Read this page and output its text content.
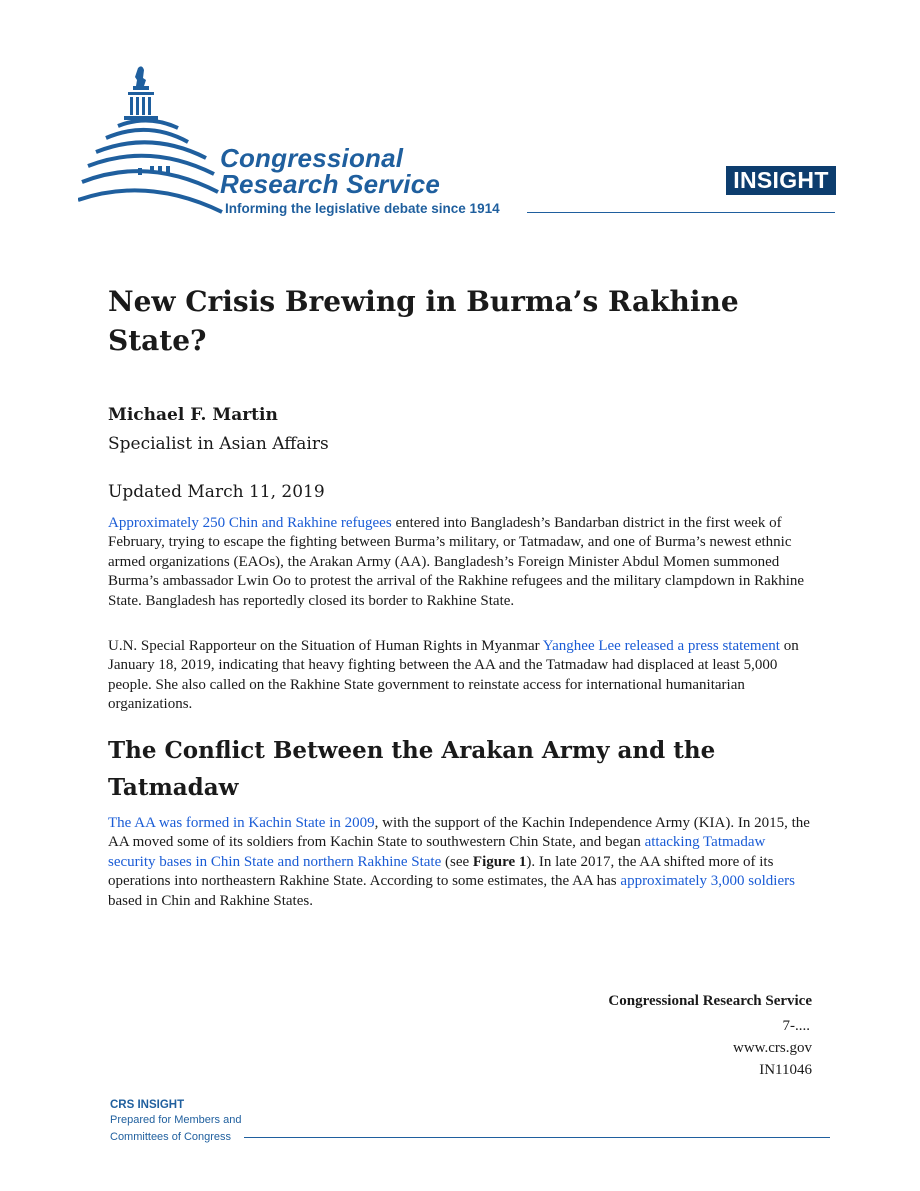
Congressional
Research Service
Informing the legislative debate since 1914
INSIGHT
New Crisis Brewing in Burma’s Rakhine State?
Michael F. Martin
Specialist in Asian Affairs
Updated March 11, 2019

Approximately 250 Chin and Rakhine refugees entered into Bangladesh’s Bandarban district in the first week of February, trying to escape the fighting between Burma’s military, or Tatmadaw, and one of Burma’s newest ethnic armed organizations (EAOs), the Arakan Army (AA). Bangladesh’s Foreign Minister Abdul Momen summoned Burma’s ambassador Lwin Oo to protest the arrival of the Rakhine refugees and the military clampdown in Rakhine State. Bangladesh has reportedly closed its border to Rakhine State.

U.N. Special Rapporteur on the Situation of Human Rights in Myanmar Yanghee Lee released a press statement on January 18, 2019, indicating that heavy fighting between the AA and the Tatmadaw had displaced at least 5,000 people. She also called on the Rakhine State government to reinstate access for international humanitarian organizations.

The Conflict Between the Arakan Army and the Tatmadaw

The AA was formed in Kachin State in 2009, with the support of the Kachin Independence Army (KIA). In 2015, the AA moved some of its soldiers from Kachin State to southwestern Chin State, and began attacking Tatmadaw security bases in Chin State and northern Rakhine State (see Figure 1). In late 2017, the AA shifted more of its operations into northeastern Rakhine State. According to some estimates, the AA has approximately 3,000 soldiers based in Chin and Rakhine States.

Congressional Research Service
7-....
www.crs.gov
IN11046
CRS INSIGHT
Prepared for Members and
Committees of Congress
